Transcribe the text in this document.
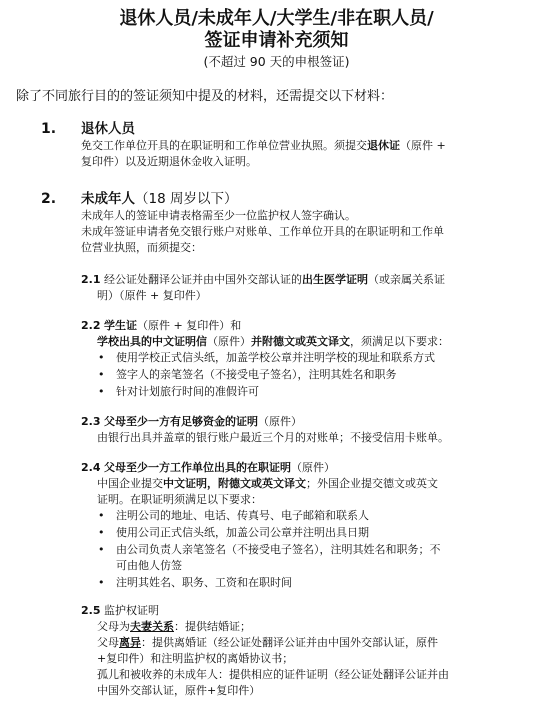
退休人员/未成年人/大学生/非在职人员/
签证申请补充须知
(不超过 90 天的申根签证)
除了不同旅行目的的签证须知中提及的材料，还需提交以下材料：
1. 退休人员
免交工作单位开具的在职证明和工作单位营业执照。须提交退休证（原件 +
复印件）以及近期退休金收入证明。
2. 未成年人（18 周岁以下）
未成年人的签证申请表格需至少一位监护权人签字确认。
未成年签证申请者免交银行账户对账单、工作单位开具的在职证明和工作单
位营业执照，而须提交：
2.1 经公证处翻译公证并由中国外交部认证的出生医学证明（或亲属关系证
明）（原件 + 复印件）
2.2 学生证（原件 + 复印件）和
学校出具的中文证明信（原件）并附德文或英文译文，须满足以下要求：
• 使用学校正式信头纸，加盖学校公章并注明学校的现址和联系方式
• 签字人的亲笔签名（不接受电子签名），注明其姓名和职务
• 针对计划旅行时间的准假许可
2.3 父母至少一方有足够资金的证明（原件）
由银行出具并盖章的银行账户最近三个月的对账单；不接受信用卡账单。
2.4 父母至少一方工作单位出具的在职证明（原件）
中国企业提交中文证明，附德文或英文译文；外国企业提交德文或英文
证明。在职证明须满足以下要求：
• 注明公司的地址、电话、传真号、电子邮箱和联系人
• 使用公司正式信头纸，加盖公司公章并注明出具日期
• 由公司负责人亲笔签名（不接受电子签名），注明其姓名和职务；不
可由他人仿签
• 注明其姓名、职务、工资和在职时间
2.5 监护权证明
父母为夫妻关系：提供结婚证；
父母离异：提供离婚证（经公证处翻译公证并由中国外交部认证，原件
+复印件）和注明监护权的离婚协议书；
孤儿和被收养的未成年人：提供相应的证件证明（经公证处翻译公证并由
中国外交部认证，原件+复印件）
